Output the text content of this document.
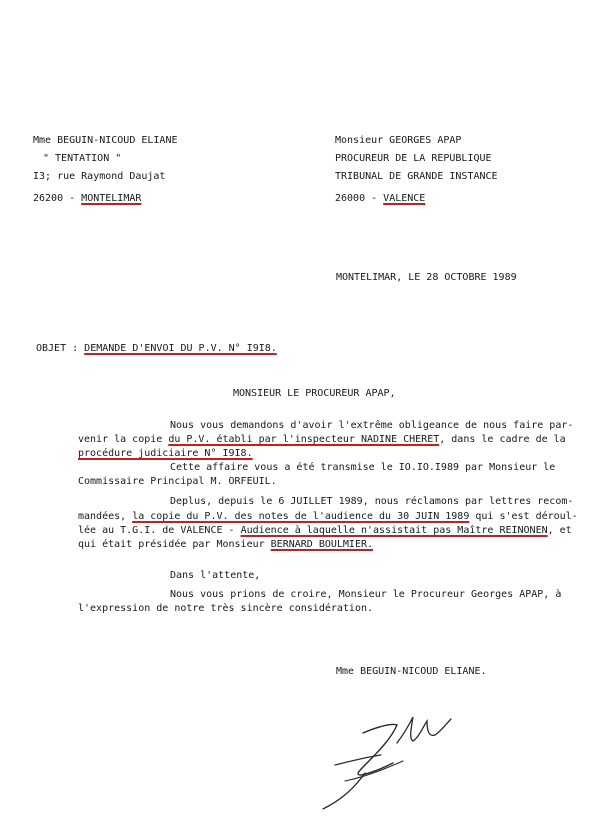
Mme BEGUIN-NICOUD ELIANE
" TENTATION "
I3; rue Raymond Daujat
26200 - MONTELIMAR
Monsieur GEORGES APAP
PROCUREUR DE LA REPUBLIQUE
TRIBUNAL DE GRANDE INSTANCE
26000 - VALENCE
MONTELIMAR, LE 28 OCTOBRE 1989
OBJET : DEMANDE D'ENVOI DU P.V. N° I9I8.
MONSIEUR LE PROCUREUR APAP,
Nous vous demandons d'avoir l'extrême obligeance de nous faire par-
venir la copie du P.V. établi par l'inspecteur NADINE CHERET, dans le cadre de la
procédure judiciaire N° I9I8.
Cette affaire vous a été transmise le IO.IO.I989 par Monsieur le
Commissaire Principal M. ORFEUIL.
Deplus, depuis le 6 JUILLET 1989, nous réclamons par lettres recom-
mandées, la copie du P.V. des notes de l'audience du 30 JUIN 1989 qui s'est déroul-
lée au T.G.I. de VALENCE - Audience à laquelle n'assistait pas Maître REINONEN, et
qui était présidée par Monsieur BERNARD BOULMIER.
Dans l'attente,
Nous vous prions de croire, Monsieur le Procureur Georges APAP, à
l'expression de notre très sincère considération.
Mme BEGUIN-NICOUD ELIANE.
